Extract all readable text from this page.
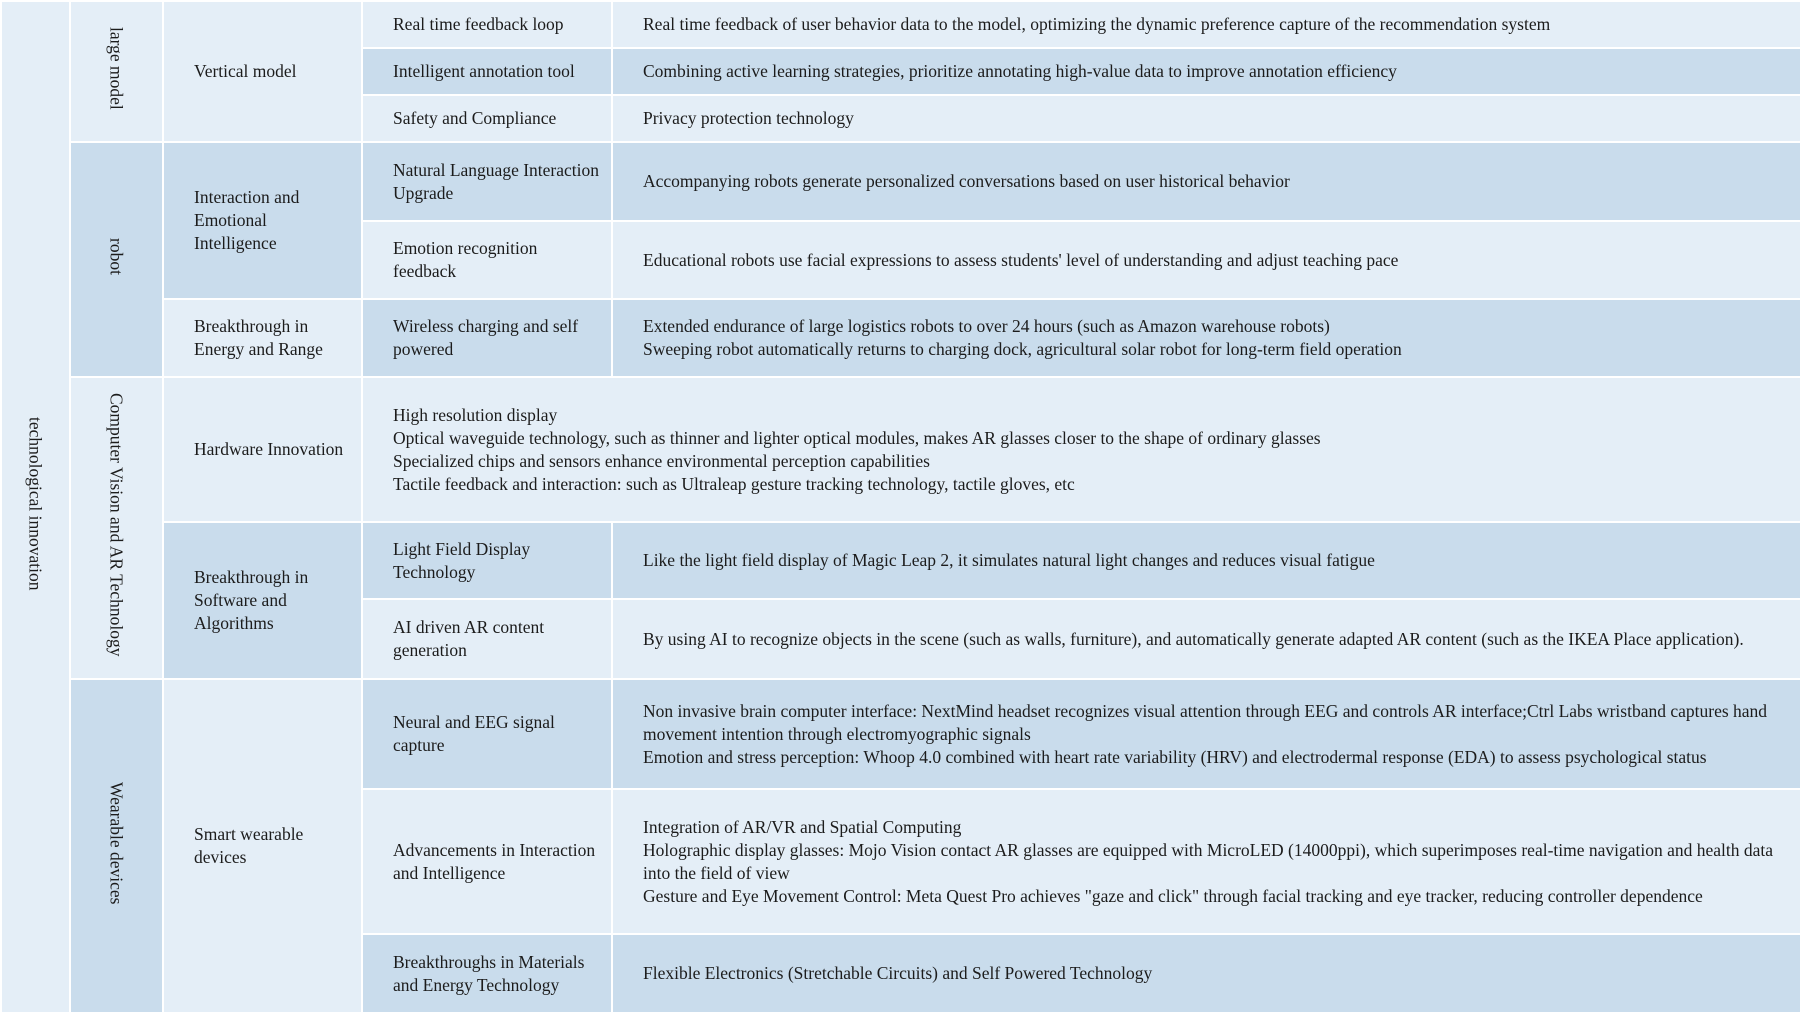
technological innovation	large model	Vertical model	Real time feedback loop	Real time feedback of user behavior data to the model, optimizing the dynamic preference capture of the recommendation system

			Intelligent annotation tool	Combining active learning strategies, prioritize annotating high-value data to improve annotation efficiency

			Safety and Compliance	Privacy protection technology

	robot	Interaction and Emotional Intelligence	Natural Language Interaction Upgrade	Accompanying robots generate personalized conversations based on user historical behavior

			Emotion recognition feedback	Educational robots use facial expressions to assess students' level of understanding and adjust teaching pace

		Breakthrough in Energy and Range	Wireless charging and self powered	Extended endurance of large logistics robots to over 24 hours (such as Amazon warehouse robots)
Sweeping robot automatically returns to charging dock, agricultural solar robot for long-term field operation

	Computer Vision and AR Technology	Hardware Innovation	High resolution display
Optical waveguide technology, such as thinner and lighter optical modules, makes AR glasses closer to the shape of ordinary glasses
Specialized chips and sensors enhance environmental perception capabilities
Tactile feedback and interaction: such as Ultraleap gesture tracking technology, tactile gloves, etc	

		Breakthrough in Software and Algorithms	Light Field Display Technology	Like the light field display of Magic Leap 2, it simulates natural light changes and reduces visual fatigue

			AI driven AR content generation	By using AI to recognize objects in the scene (such as walls, furniture), and automatically generate adapted AR content (such as the IKEA Place application).

	Wearable devices	Smart wearable devices	Neural and EEG signal capture	Non invasive brain computer interface: NextMind headset recognizes visual attention through EEG and controls AR interface;Ctrl Labs wristband captures hand movement intention through electromyographic signals
Emotion and stress perception: Whoop 4.0 combined with heart rate variability (HRV) and electrodermal response (EDA) to assess psychological status

			Advancements in Interaction and Intelligence	Integration of AR/VR and Spatial Computing
Holographic display glasses: Mojo Vision contact AR glasses are equipped with MicroLED (14000ppi), which superimposes real-time navigation and health data into the field of view
Gesture and Eye Movement Control: Meta Quest Pro achieves "gaze and click" through facial tracking and eye tracker, reducing controller dependence

			Breakthroughs in Materials and Energy Technology	Flexible Electronics (Stretchable Circuits) and Self Powered Technology
